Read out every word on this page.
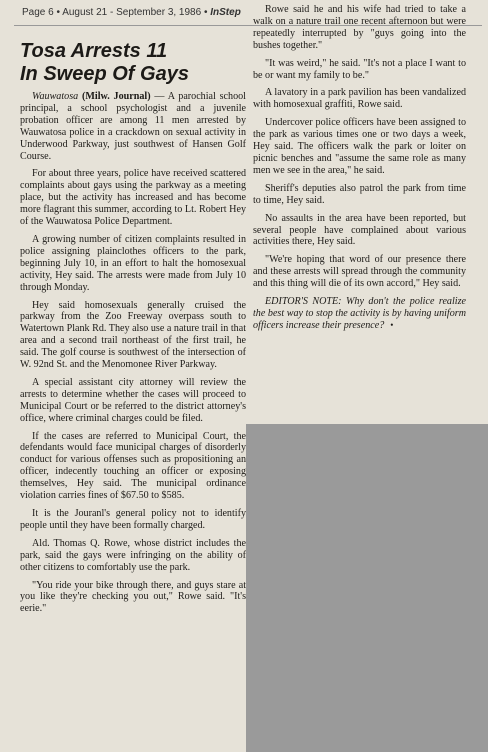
Page 6 • August 21 - September 3, 1986 • InStep
Tosa Arrests 11
In Sweep Of Gays

Wauwatosa (Milw. Journal) — A parochial school principal, a school psychologist and a juvenile probation officer are among 11 men arrested by Wauwatosa police in a crackdown on sexual activity in Underwood Parkway, just southwest of Hansen Golf Course.

For about three years, police have received scattered complaints about gays using the parkway as a meeting place, but the activity has increased and has become more flagrant this summer, according to Lt. Robert Hey of the Wauwatosa Police Department.

A growing number of citizen complaints resulted in police assigning plainclothes officers to the park, beginning July 10, in an effort to halt the homosexual activity, Hey said. The arrests were made from July 10 through Monday.

Hey said homosexuals generally cruised the parkway from the Zoo Freeway overpass south to Watertown Plank Rd. They also use a nature trail in that area and a second trail northeast of the first trail, he said. The golf course is southwest of the intersection of W. 92nd St. and the Menomonee River Parkway.

A special assistant city attorney will review the arrests to determine whether the cases will proceed to Municipal Court or be referred to the district attorney's office, where criminal charges could be filed.

If the cases are referred to Municipal Court, the defendants would face municipal charges of disorderly conduct for various offenses such as propositioning an officer, indecently touching an officer or exposing themselves, Hey said. The municipal ordinance violation carries fines of $67.50 to $585.

It is the Jouranl's general policy not to identify people until they have been formally charged.

Ald. Thomas Q. Rowe, whose district includes the park, said the gays were infringing on the ability of other citizens to comfortably use the park.

"You ride your bike through there, and guys stare at you like they're checking you out," Rowe said. "It's eerie."

Rowe said he and his wife had tried to take a walk on a nature trail one recent afternoon but were repeatedly interrupted by "guys going into the bushes together."

"It was weird," he said. "It's not a place I want to be or want my family to be."

A lavatory in a park pavilion has been vandalized with homosexual graffiti, Rowe said.

Undercover police officers have been assigned to the park as various times one or two days a week, Hey said. The officers walk the park or loiter on picnic benches and "assume the same role as many men we see in the area," he said.

Sheriff's deputies also patrol the park from time to time, Hey said.

No assaults in the area have been reported, but several people have complained about various activities there, Hey said.

"We're hoping that word of our presence there and these arrests will spread through the community and this thing will die of its own accord," Hey said.

EDITOR'S NOTE: Why don't the police realize the best way to stop the activity is by having uniform officers increase their presence? •
